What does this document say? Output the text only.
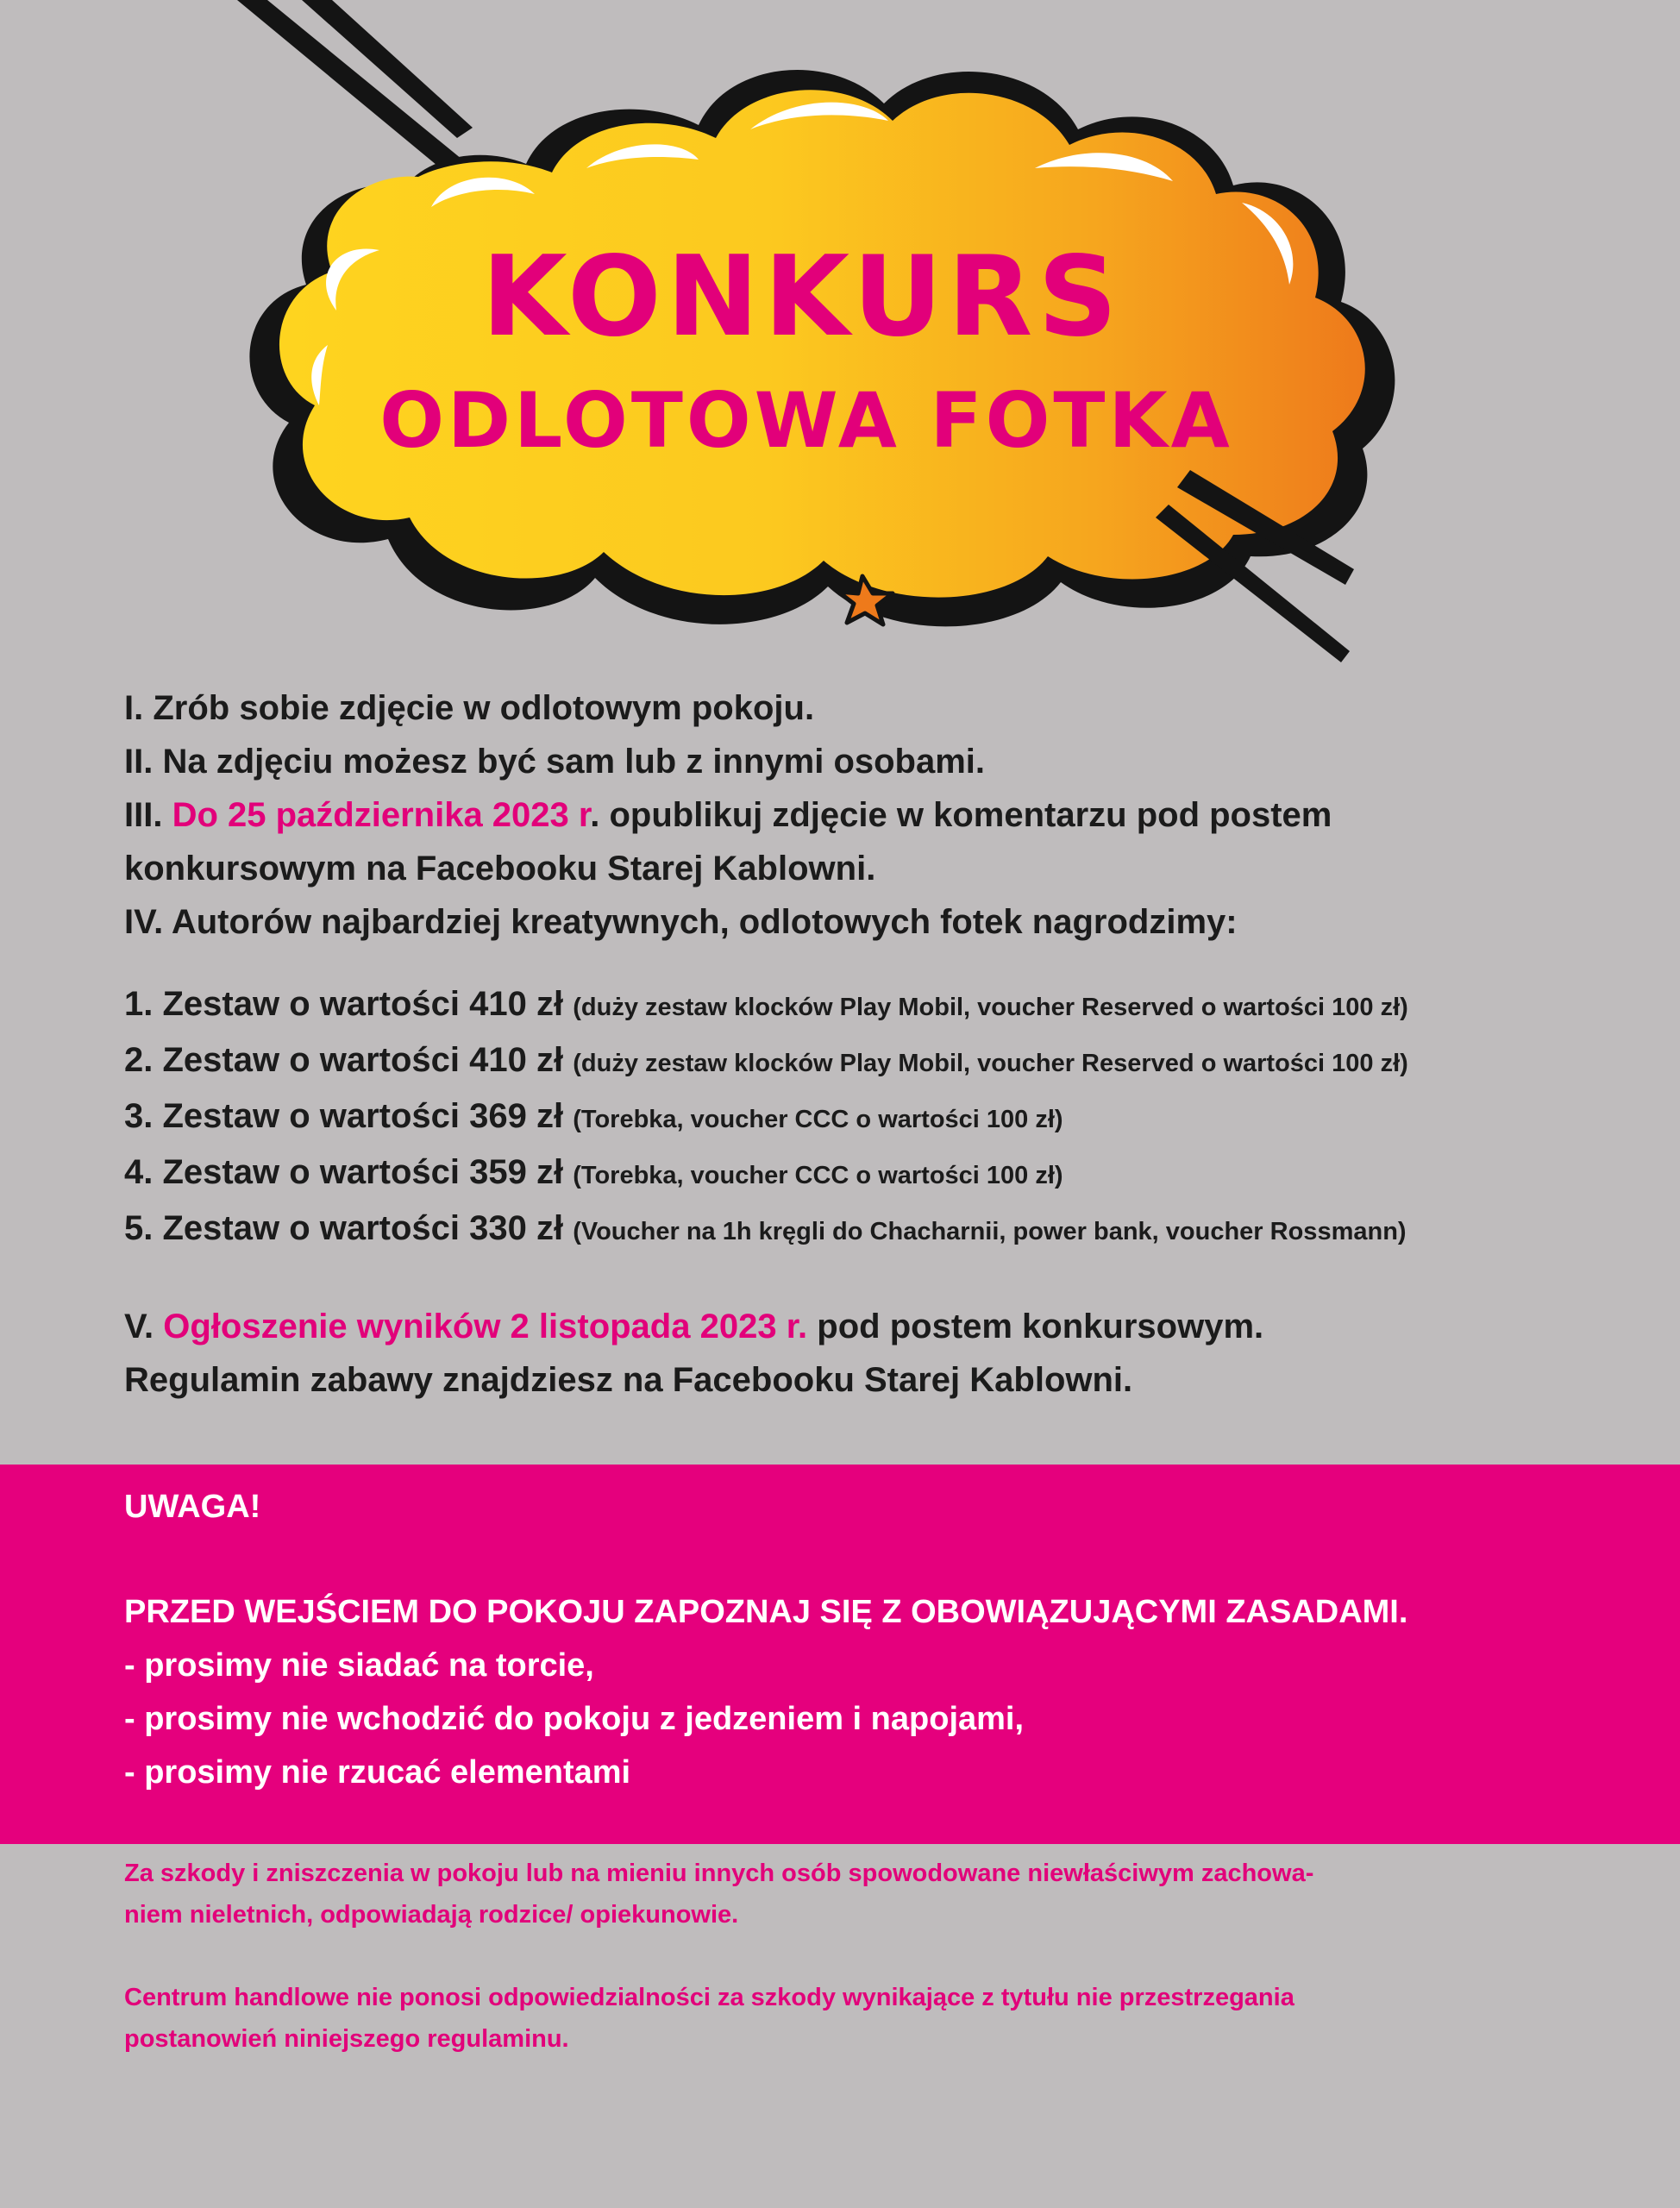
KONKURS
ODLOTOWA FOTKA
I. Zrób sobie zdjęcie w odlotowym pokoju.
II. Na zdjęciu możesz być sam lub z innymi osobami.
III. Do 25 października 2023 r. opublikuj zdjęcie w komentarzu pod postem
konkursowym na Facebooku Starej Kablowni.
IV. Autorów najbardziej kreatywnych, odlotowych fotek nagrodzimy:
1. Zestaw o wartości 410 zł (duży zestaw klocków Play Mobil, voucher Reserved o wartości 100 zł)
2. Zestaw o wartości 410 zł (duży zestaw klocków Play Mobil, voucher Reserved o wartości 100 zł)
3. Zestaw o wartości 369 zł (Torebka, voucher CCC o wartości 100 zł)
4. Zestaw o wartości 359 zł (Torebka, voucher CCC o wartości 100 zł)
5. Zestaw o wartości 330 zł (Voucher na 1h kręgli do Chacharnii, power bank, voucher Rossmann)
V. Ogłoszenie wyników 2 listopada 2023 r. pod postem konkursowym.
Regulamin zabawy znajdziesz na Facebooku Starej Kablowni.
UWAGA!
PRZED WEJŚCIEM DO POKOJU ZAPOZNAJ SIĘ Z OBOWIĄZUJĄCYMI ZASADAMI.
- prosimy nie siadać na torcie,
- prosimy nie wchodzić do pokoju z jedzeniem i napojami,
- prosimy nie rzucać elementami

Za szkody i zniszczenia w pokoju lub na mieniu innych osób spowodowane niewłaściwym zachowa-
niem nieletnich, odpowiadają rodzice/ opiekunowie.

Centrum handlowe nie ponosi odpowiedzialności za szkody wynikające z tytułu nie przestrzegania
postanowień niniejszego regulaminu.
